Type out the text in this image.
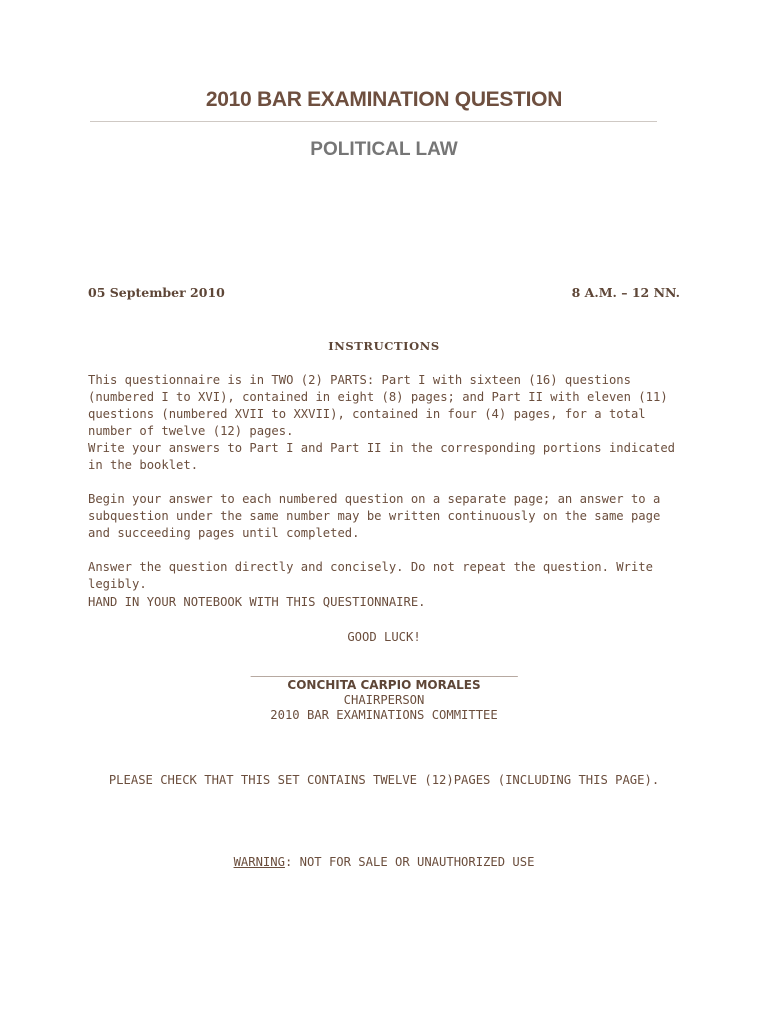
2010 BAR EXAMINATION QUESTION
POLITICAL LAW
05 September 2010	8 A.M. – 12 NN.
INSTRUCTIONS

This questionnaire is in TWO (2) PARTS: Part I with sixteen (16) questions (numbered I to XVI), contained in eight (8) pages; and Part II with eleven (11) questions (numbered XVII to XXVII), contained in four (4) pages, for a total number of twelve (12) pages.

Write your answers to Part I and Part II in the corresponding portions indicated in the booklet.

Begin your answer to each numbered question on a separate page; an answer to a subquestion under the same number may be written continuously on the same page and succeeding pages until completed.

Answer the question directly and concisely. Do not repeat the question. Write legibly.

HAND IN YOUR NOTEBOOK WITH THIS QUESTIONNAIRE.

GOOD LUCK!
_______________________________________
CONCHITA CARPIO MORALES
CHAIRPERSON
2010 BAR EXAMINATIONS COMMITTEE
PLEASE CHECK THAT THIS SET CONTAINS TWELVE (12)PAGES (INCLUDING THIS PAGE).
WARNING: NOT FOR SALE OR UNAUTHORIZED USE
